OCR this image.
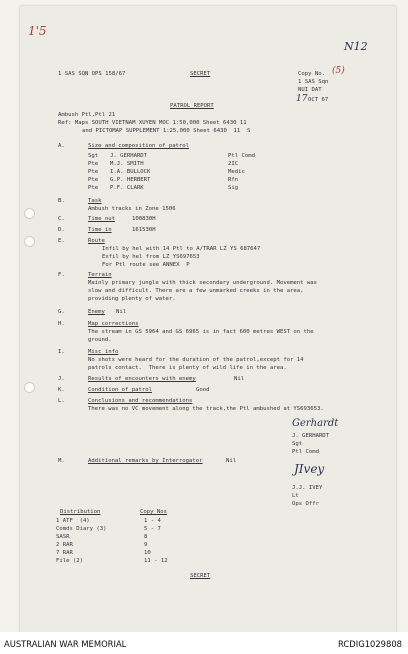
1'5
N12
1 SAS SQN OPS 158/67	SECRET	Copy No. (5)
1 SAS Sqn
NUI DAT
17 OCT 67
PATROL REPORT
Ambush Ptl,Ptl 21
Ref: Maps SOUTH VIETNAM XUYEN MOC 1:50,000 Sheet 6430 11
and PICTOMAP SUPPLEMENT 1:25,000 Sheet 6430  11  S
A.	Size and composition of patrol
Sgt J. GERHARDT	Ptl Comd
Pte M.J. SMITH	2IC
Pte I.A. BULLOCK	Medic
Pte G.P. HERBERT	Rfn
Pte P.F. CLARK	Sig
B.	Task
Ambush tracks in Zone 1506
C.	Time out	100830H
D.	Time in	161530H
E.	Route
Infil by hel with 14 Ptl to A/TRAR LZ YS 687647
Exfil by hel from LZ YS697653
For Ptl route see ANNEX  P
F.	Terrain
Mainly primary jungle with thick secondary underground. Movement was
slow and difficult. There are a few unmarked creeks in the area,
providing plenty of water.
G.	Enemy Nil
H.	Map corrections
The stream in GS 5964 and GS 6965 is in fact 600 metres WEST on the
ground.
I.	Misc info
No shots were heard for the duration of the patrol,except for 14
patrols contact.  There is plenty of wild life in the area.
J.	Results of encounters with enemy	Nil
K.	Condition of patrol	Good
L.	Conclusions and recommendations
There was no VC movement along the track,the Ptl ambushed at YS693653.
Gerhardt
J. GERHARDT
Sgt
Ptl Comd
M.	Additional remarks by Interrogator	Nil
JIvey
J.J. IVEY
Lt
Ops Offr
Distribution	Copy Nos
1 ATF  (4)	1 - 4
Comds Diary (3)	5 - 7
SASR	8
2 RAR	9
7 RAR	10
File (2)	11 - 12
SECRET
AUSTRALIAN WAR MEMORIAL	RCDIG1029808
